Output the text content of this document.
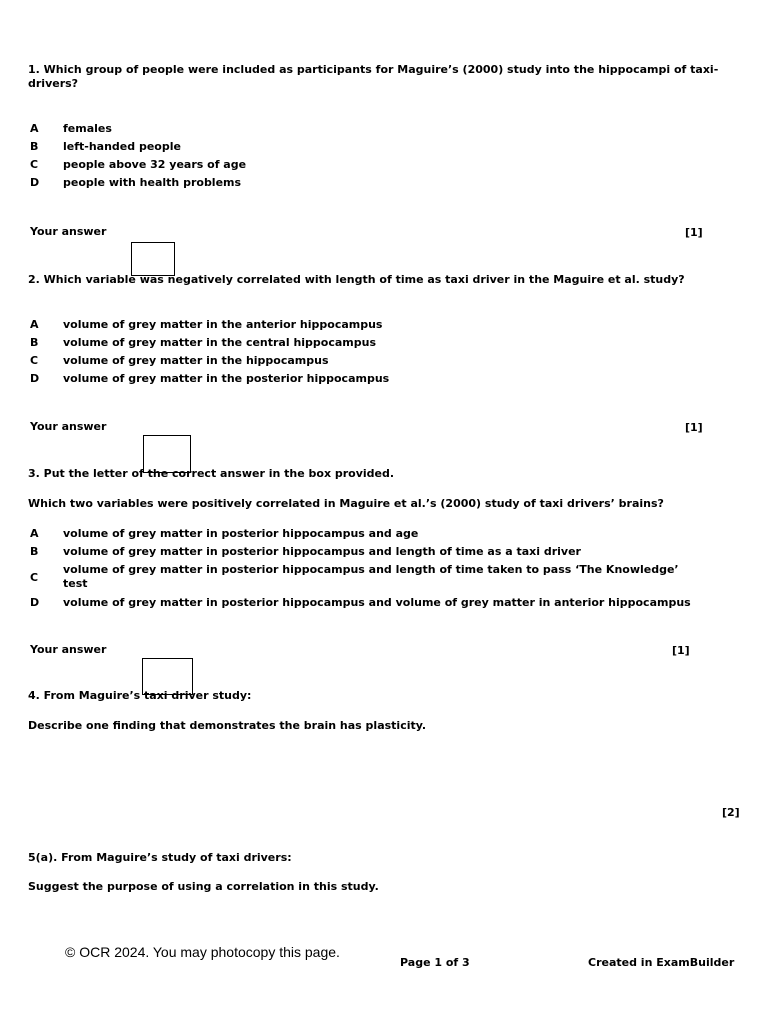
1. Which group of people were included as participants for Maguire’s (2000) study into the hippocampi of taxi-drivers?
A females
B left-handed people
C people above 32 years of age
D people with health problems
Your answer	[1]
2. Which variable was negatively correlated with length of time as taxi driver in the Maguire et al. study?
A volume of grey matter in the anterior hippocampus
B volume of grey matter in the central hippocampus
C volume of grey matter in the hippocampus
D volume of grey matter in the posterior hippocampus
Your answer	[1]
3. Put the letter of the correct answer in the box provided.
Which two variables were positively correlated in Maguire et al.’s (2000) study of taxi drivers’ brains?
A volume of grey matter in posterior hippocampus and age
B volume of grey matter in posterior hippocampus and length of time as a taxi driver
C
volume of grey matter in posterior hippocampus and length of time taken to pass ‘The Knowledge’ test
D volume of grey matter in posterior hippocampus and volume of grey matter in anterior hippocampus
Your answer	[1]
4. From Maguire’s taxi driver study:
Describe one finding that demonstrates the brain has plasticity.
[2]
5(a). From Maguire’s study of taxi drivers:
Suggest the purpose of using a correlation in this study.
© OCR 2024. You may photocopy this page.
Page 1 of 3	Created in ExamBuilder
